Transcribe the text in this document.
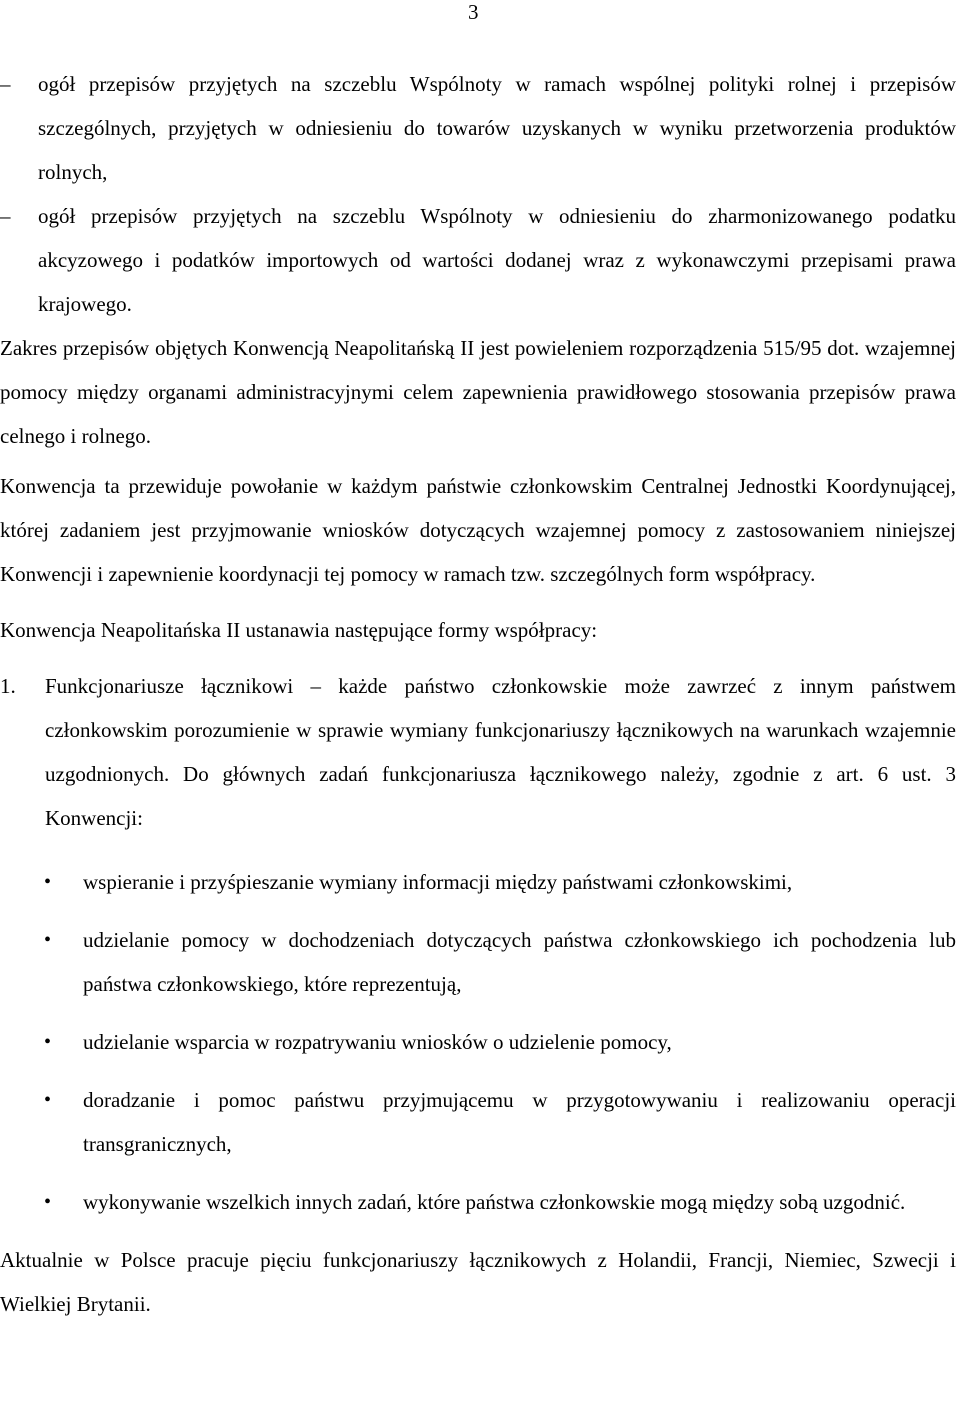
3
–	ogół przepisów przyjętych na szczeblu Wspólnoty w ramach wspólnej polityki rolnej i przepisów szczególnych, przyjętych w odniesieniu do towarów uzyskanych w wyniku przetworzenia produktów rolnych,
–	ogół przepisów przyjętych na szczeblu Wspólnoty w odniesieniu do zharmonizowanego podatku akcyzowego i podatków importowych od wartości dodanej wraz z wykonawczymi przepisami prawa krajowego.

Zakres przepisów objętych Konwencją Neapolitańską II jest powieleniem rozporządzenia 515/95 dot. wzajemnej pomocy między organami administracyjnymi celem zapewnienia prawidłowego stosowania przepisów prawa celnego i rolnego.

Konwencja ta przewiduje powołanie w każdym państwie członkowskim Centralnej Jednostki Koordynującej, której zadaniem jest przyjmowanie wniosków dotyczących wzajemnej pomocy z zastosowaniem niniejszej Konwencji i zapewnienie koordynacji tej pomocy w ramach tzw. szczególnych form współpracy.

Konwencja Neapolitańska II ustanawia następujące formy współpracy:

1. Funkcjonariusze łącznikowi – każde państwo członkowskie może zawrzeć z innym państwem członkowskim porozumienie w sprawie wymiany funkcjonariuszy łącznikowych na warunkach wzajemnie uzgodnionych. Do głównych zadań funkcjonariusza łącznikowego należy, zgodnie z art. 6 ust. 3 Konwencji:
• wspieranie i przyśpieszanie wymiany informacji między państwami członkowskimi,
• udzielanie pomocy w dochodzeniach dotyczących państwa członkowskiego ich pochodzenia lub państwa członkowskiego, które reprezentują,
• udzielanie wsparcia w rozpatrywaniu wniosków o udzielenie pomocy,
• doradzanie i pomoc państwu przyjmującemu w przygotowywaniu i realizowaniu operacji transgranicznych,
• wykonywanie wszelkich innych zadań, które państwa członkowskie mogą między sobą uzgodnić.

Aktualnie w Polsce pracuje pięciu funkcjonariuszy łącznikowych z Holandii, Francji, Niemiec, Szwecji i Wielkiej Brytanii.
